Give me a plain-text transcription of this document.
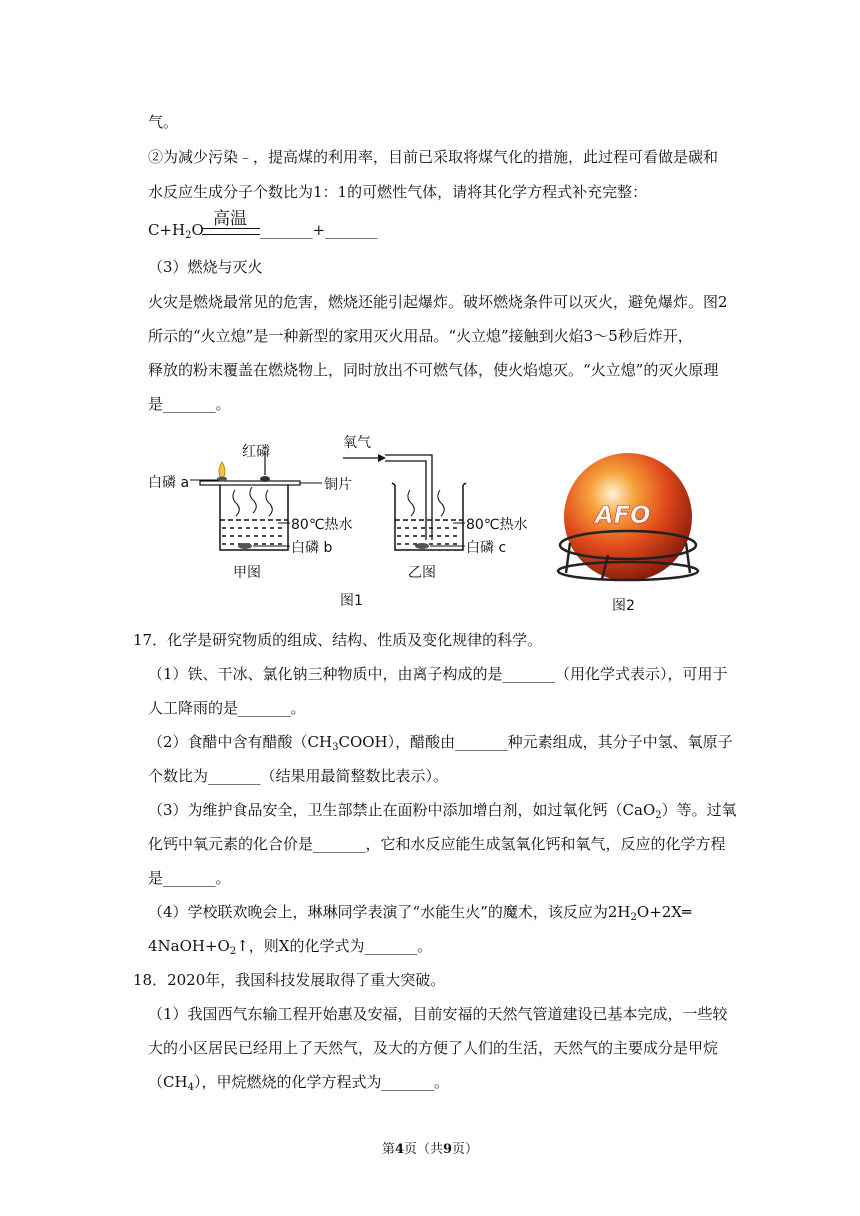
气。
②为减少污染﹣，提高煤的利用率，目前已采取将煤气化的措施，此过程可看做是碳和
水反应生成分子个数比为1：1的可燃性气体，请将其化学方程式补充完整：
$C+H_2O$
高温
_______+_______
（3）燃烧与灭火
火灾是燃烧最常见的危害，燃烧还能引起爆炸。破坏燃烧条件可以灭火，避免爆炸。图2
所示的“火立熄”是一种新型的家用灭火用品。“火立熄”接触到火焰3～5秒后炸开，
释放的粉末覆盖在燃烧物上，同时放出不可燃气体，使火焰熄灭。“火立熄”的灭火原理
是_______。
AFO
红磷
白磷 a	铜片
80℃热水
白磷 b
甲图
氧气
80℃热水
白磷 c
乙图
图1	图2
17．化学是研究物质的组成、结构、性质及变化规律的科学。
（1）铁、干冰、氯化钠三种物质中，由离子构成的是_______（用化学式表示），可用于
人工降雨的是_______。
（2）食醋中含有醋酸$(CH_3COOH)$，醋酸由_______种元素组成，其分子中氢、氧原子
个数比为_______（结果用最简整数比表示）。
（3）为维护食品安全，卫生部禁止在面粉中添加增白剂，如过氧化钙（CaO$_2$）等。过氧
化钙中氧元素的化合价是_______，它和水反应能生成氢氧化钙和氧气，反应的化学方程
是_______。
（4）学校联欢晚会上，琳琳同学表演了“水能生火”的魔术，该反应为$2H_2O+2X═$
$4NaOH+O_2↑$，则X的化学式为_______。
18．2020年，我国科技发展取得了重大突破。
（1）我国西气东输工程开始惠及安福，目前安福的天然气管道建设已基本完成，一些较
大的小区居民已经用上了天然气，及大的方便了人们的生活，天然气的主要成分是甲烷
$(CH_4)$，甲烷燃烧的化学方程式为_______。
第4页（共9页）
